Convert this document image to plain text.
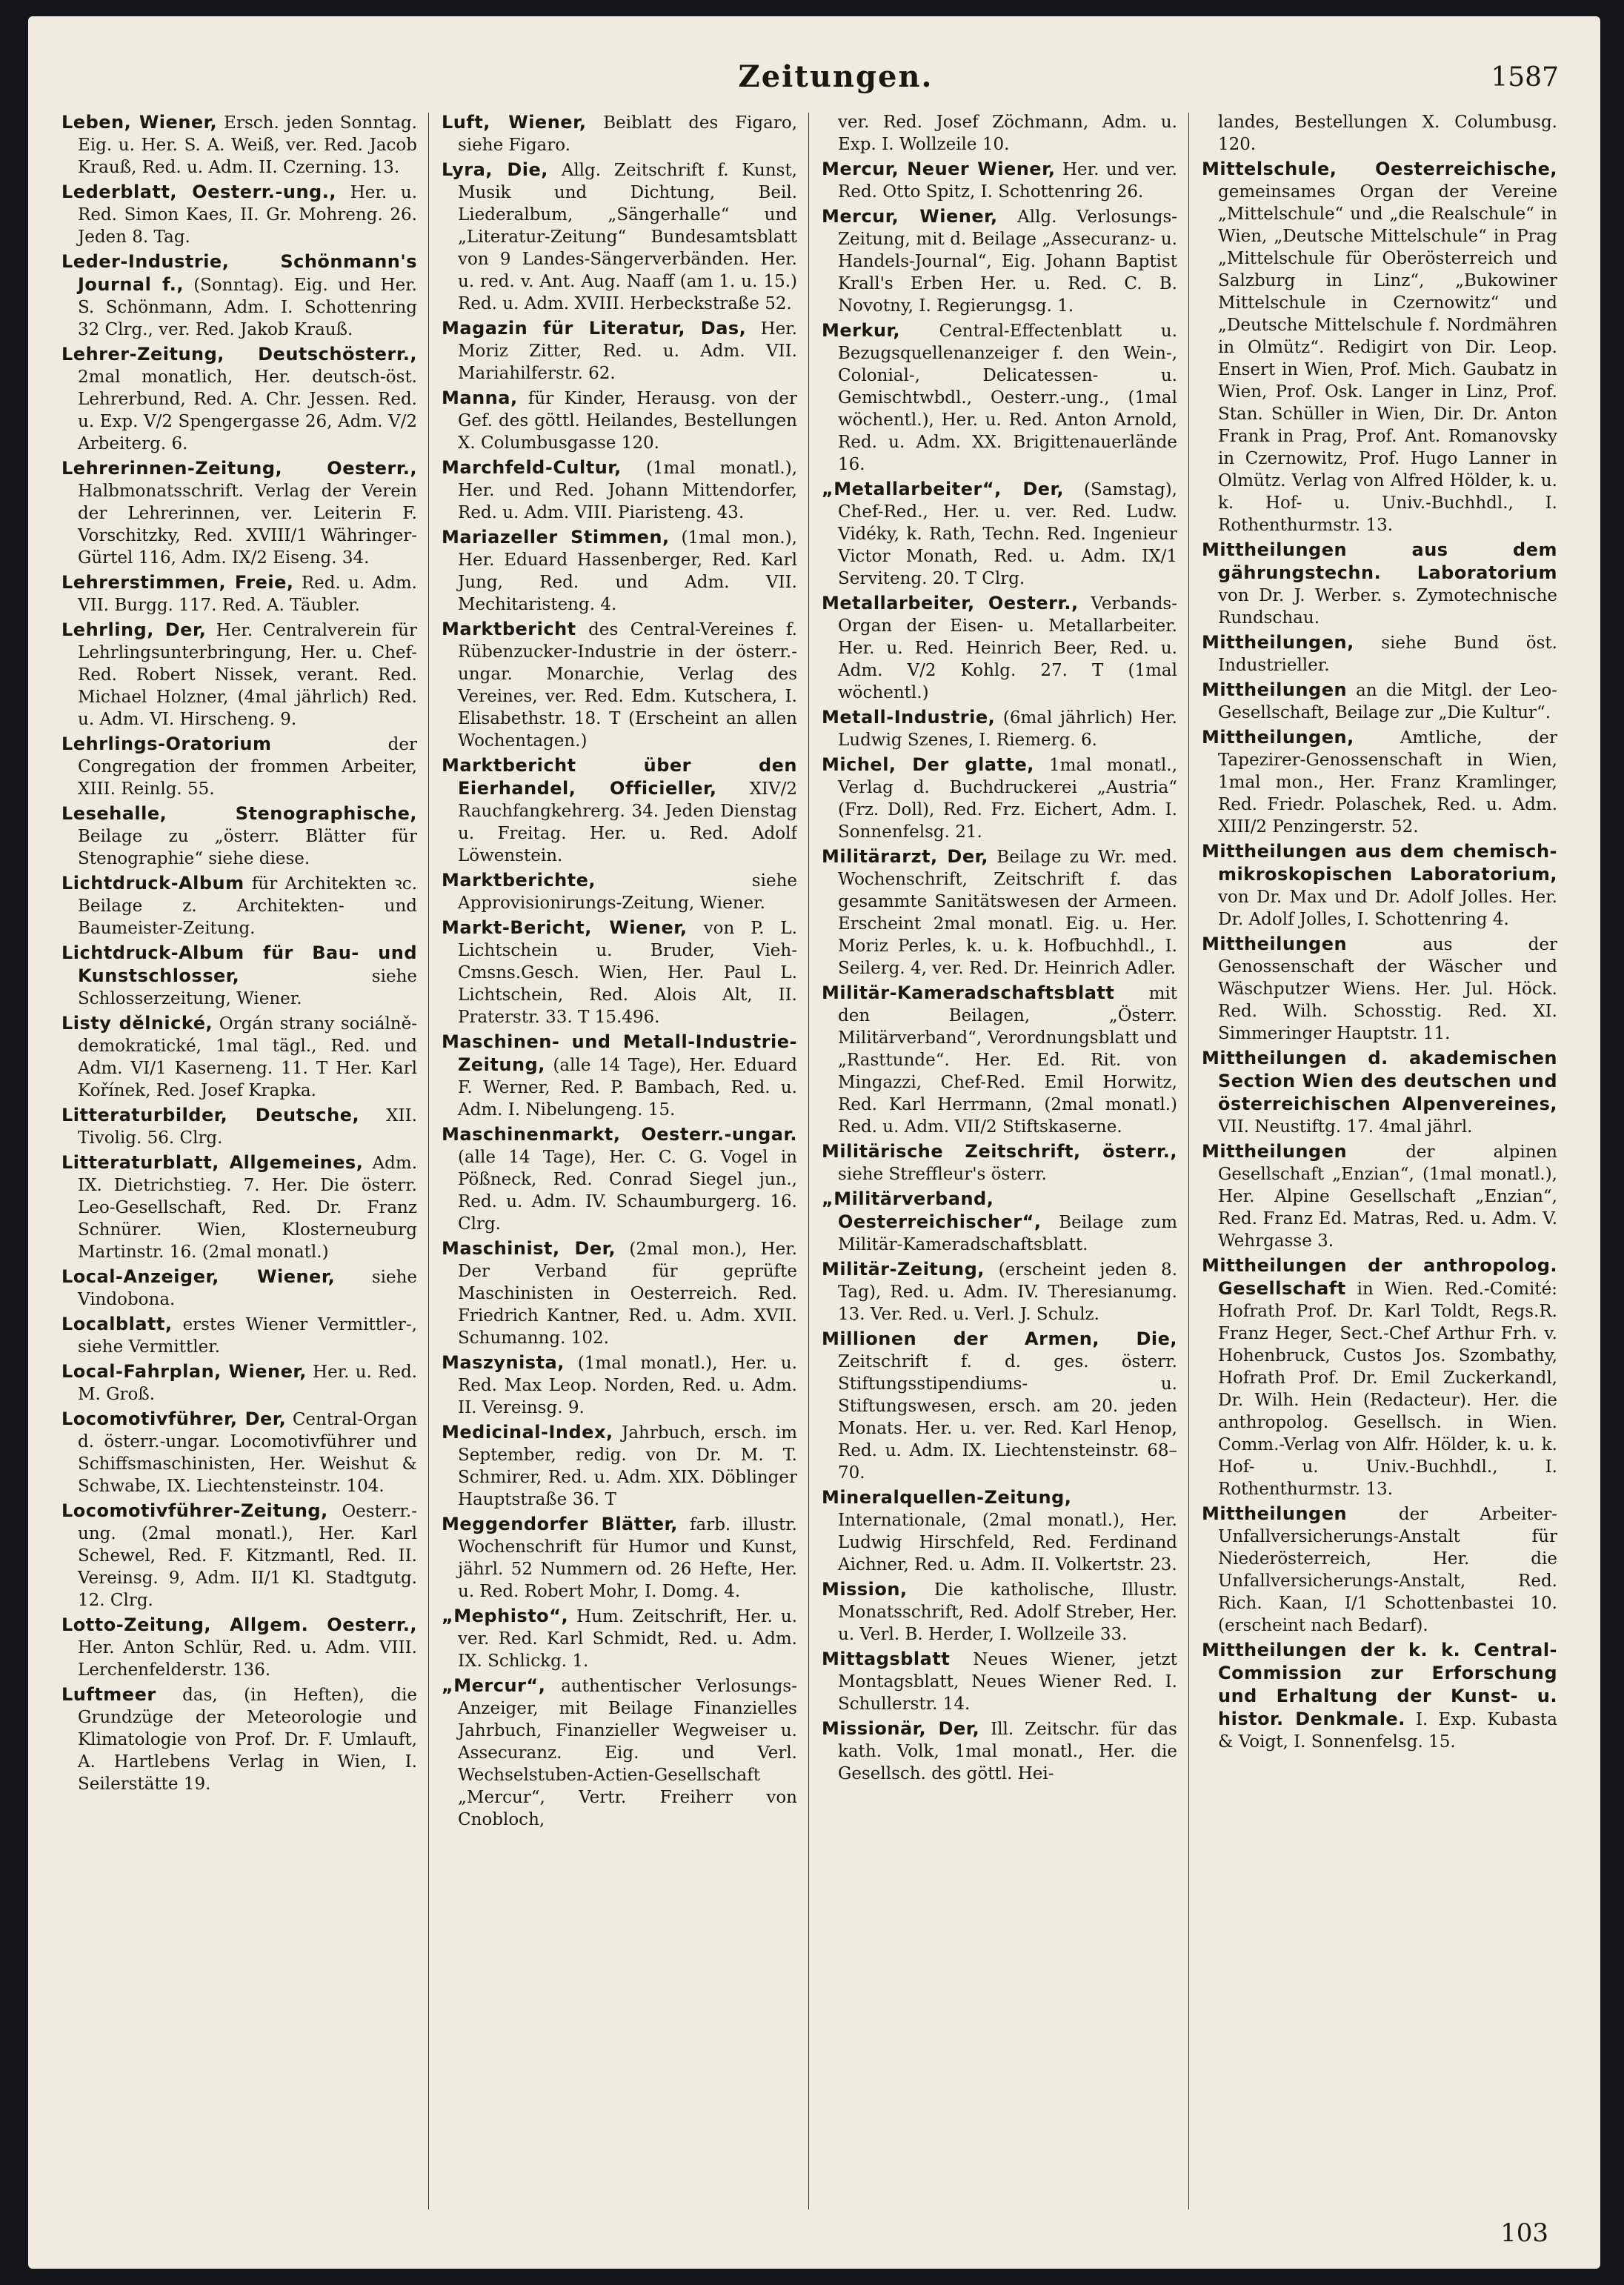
Zeitungen.	1587

Leben, Wiener, Ersch. jeden Sonntag. Eig. u. Her. S. A. Weiß, ver. Red. Jacob Krauß, Red. u. Adm. II. Czerning. 13.

Lederblatt, Oesterr.-ung., Her. u. Red. Simon Kaes, II. Gr. Mohreng. 26. Jeden 8. Tag.

Leder-Industrie, Schönmann's Journal f., (Sonntag). Eig. und Her. S. Schönmann, Adm. I. Schottenring 32 Clrg., ver. Red. Jakob Krauß.

Lehrer-Zeitung, Deutschösterr., 2mal monatlich, Her. deutsch-öst. Lehrerbund, Red. A. Chr. Jessen. Red. u. Exp. V/2 Spengergasse 26, Adm. V/2 Arbeiterg. 6.

Lehrerinnen-Zeitung, Oesterr., Halbmonatsschrift. Verlag der Verein der Lehrerinnen, ver. Leiterin F. Vorschitzky, Red. XVIII/1 Währinger-Gürtel 116, Adm. IX/2 Eiseng. 34.

Lehrerstimmen, Freie, Red. u. Adm. VII. Burgg. 117. Red. A. Täubler.

Lehrling, Der, Her. Centralverein für Lehrlingsunterbringung, Her. u. Chef-Red. Robert Nissek, verant. Red. Michael Holzner, (4mal jährlich) Red. u. Adm. VI. Hirscheng. 9.

Lehrlings-Oratorium	der Congregation der frommen Arbeiter, XIII. Reinlg. 55.

Lesehalle, Stenographische, Beilage zu „österr. Blätter für Stenographie“ siehe diese.

Lichtdruck-Album für Architekten ꝛc. Beilage z. Architekten- und Baumeister-Zeitung.

Lichtdruck-Album für Bau- und Kunstschlosser,	siehe Schlosserzeitung, Wiener.

Listy dělnické, Orgán strany sociálně-demokratické, 1mal tägl., Red. und Adm. VI/1 Kaserneng. 11. T Her. Karl Kořínek, Red. Josef Krapka.

Litteraturbilder, Deutsche, XII. Tivolig. 56. Clrg.

Litteraturblatt, Allgemeines, Adm. IX. Dietrichstieg. 7. Her. Die österr. Leo-Gesellschaft, Red. Dr. Franz Schnürer. Wien, Klosterneuburg Martinstr. 16. (2mal monatl.)

Local-Anzeiger, Wiener, siehe Vindobona.

Localblatt, erstes Wiener Vermittler-, siehe Vermittler.

Local-Fahrplan, Wiener, Her. u. Red. M. Groß.

Locomotivführer, Der, Central-Organ d. österr.-ungar. Locomotivführer und Schiffsmaschinisten, Her. Weishut & Schwabe, IX. Liechtensteinstr. 104.

Locomotivführer-Zeitung, Oesterr.-ung. (2mal monatl.), Her. Karl Schewel, Red. F. Kitzmantl, Red. II. Vereinsg. 9, Adm. II/1 Kl. Stadtgutg. 12. Clrg.

Lotto-Zeitung, Allgem. Oesterr., Her. Anton Schlür, Red. u. Adm. VIII. Lerchenfelderstr. 136.

Luftmeer das, (in Heften), die Grundzüge der Meteorologie und Klimatologie von Prof. Dr. F. Umlauft, A. Hartlebens Verlag in Wien, I. Seilerstätte 19.

Luft, Wiener, Beiblatt des Figaro, siehe Figaro.

Lyra, Die, Allg. Zeitschrift f. Kunst, Musik und Dichtung, Beil. Liederalbum, „Sängerhalle“ und „Literatur-Zeitung“ Bundesamtsblatt von 9 Landes-Sängerverbänden. Her. u. red. v. Ant. Aug. Naaff (am 1. u. 15.) Red. u. Adm. XVIII. Herbeckstraße 52.

Magazin für Literatur, Das, Her. Moriz Zitter, Red. u. Adm. VII. Mariahilferstr. 62.

Manna, für Kinder, Herausg. von der Gef. des göttl. Heilandes, Bestellungen X. Columbusgasse 120.

Marchfeld-Cultur, (1mal monatl.), Her. und Red. Johann Mittendorfer, Red. u. Adm. VIII. Piaristeng. 43.

Mariazeller Stimmen, (1mal mon.), Her. Eduard Hassenberger, Red. Karl Jung, Red. und Adm. VII. Mechitaristeng. 4.

Marktbericht des Central-Vereines f. Rübenzucker-Industrie in der österr.-ungar. Monarchie, Verlag des Vereines, ver. Red. Edm. Kutschera, I. Elisabethstr. 18. T (Erscheint an allen Wochentagen.)

Marktbericht über den Eierhandel, Officieller, XIV/2 Rauchfangkehrerg. 34. Jeden Dienstag u. Freitag. Her. u. Red. Adolf Löwenstein.

Marktberichte,	siehe Approvisionirungs-Zeitung, Wiener.

Markt-Bericht, Wiener, von P. L. Lichtschein u. Bruder, Vieh-Cmsns.Gesch. Wien, Her. Paul L. Lichtschein, Red. Alois Alt, II. Praterstr. 33. T 15.496.

Maschinen- und Metall-Industrie-Zeitung, (alle 14 Tage), Her. Eduard F. Werner, Red. P. Bambach, Red. u. Adm. I. Nibelungeng. 15.

Maschinenmarkt, Oesterr.-ungar. (alle 14 Tage), Her. C. G. Vogel in Pößneck, Red. Conrad Siegel jun., Red. u. Adm. IV. Schaumburgerg. 16. Clrg.

Maschinist, Der, (2mal mon.), Her. Der Verband für geprüfte Maschinisten in Oesterreich. Red. Friedrich Kantner, Red. u. Adm. XVII. Schumanng. 102.

Maszynista, (1mal monatl.), Her. u. Red. Max Leop. Norden, Red. u. Adm. II. Vereinsg. 9.

Medicinal-Index, Jahrbuch, ersch. im September, redig. von Dr. M. T. Schmirer, Red. u. Adm. XIX. Döblinger Hauptstraße 36. T

Meggendorfer Blätter, farb. illustr. Wochenschrift für Humor und Kunst, jährl. 52 Nummern od. 26 Hefte, Her. u. Red. Robert Mohr, I. Domg. 4.

„Mephisto“, Hum. Zeitschrift, Her. u. ver. Red. Karl Schmidt, Red. u. Adm. IX. Schlickg. 1.

„Mercur“, authentischer Verlosungs-Anzeiger, mit Beilage Finanzielles Jahrbuch, Finanzieller Wegweiser u. Assecuranz. Eig. und Verl. Wechselstuben-Actien-Gesellschaft „Mercur“, Vertr. Freiherr von Cnobloch,

ver. Red. Josef Zöchmann, Adm. u. Exp. I. Wollzeile 10.

Mercur, Neuer Wiener, Her. und ver. Red. Otto Spitz, I. Schottenring 26.

Mercur, Wiener, Allg. Verlosungs-Zeitung, mit d. Beilage „Assecuranz- u. Handels-Journal“, Eig. Johann Baptist Krall's Erben Her. u. Red. C. B. Novotny, I. Regierungsg. 1.

Merkur, Central-Effectenblatt u. Bezugsquellenanzeiger f. den Wein-, Colonial-, Delicatessen- u. Gemischtwbdl., Oesterr.-ung., (1mal wöchentl.), Her. u. Red. Anton Arnold, Red. u. Adm. XX. Brigittenauerlände 16.

„Metallarbeiter“, Der, (Samstag), Chef-Red., Her. u. ver. Red. Ludw. Vidéky, k. Rath, Techn. Red. Ingenieur Victor Monath, Red. u. Adm. IX/1 Serviteng. 20. T Clrg.

Metallarbeiter, Oesterr., Verbands-Organ der Eisen- u. Metallarbeiter. Her. u. Red. Heinrich Beer, Red. u. Adm. V/2 Kohlg. 27. T (1mal wöchentl.)

Metall-Industrie, (6mal jährlich) Her. Ludwig Szenes, I. Riemerg. 6.

Michel, Der glatte, 1mal monatl., Verlag d. Buchdruckerei „Austria“ (Frz. Doll), Red. Frz. Eichert, Adm. I. Sonnenfelsg. 21.

Militärarzt, Der, Beilage zu Wr. med. Wochenschrift, Zeitschrift f. das gesammte Sanitätswesen der Armeen. Erscheint 2mal monatl. Eig. u. Her. Moriz Perles, k. u. k. Hofbuchhdl., I. Seilerg. 4, ver. Red. Dr. Heinrich Adler.

Militär-Kameradschaftsblatt mit den Beilagen, „Österr. Militärverband“, Verordnungsblatt und „Rasttunde“. Her. Ed. Rit. von Mingazzi, Chef-Red. Emil Horwitz, Red. Karl Herrmann, (2mal monatl.) Red. u. Adm. VII/2 Stiftskaserne.

Militärische Zeitschrift, österr., siehe Streffleur's österr.

„Militärverband, Oesterreichischer“, Beilage zum Militär-Kameradschaftsblatt.

Militär-Zeitung, (erscheint jeden 8. Tag), Red. u. Adm. IV. Theresianumg. 13. Ver. Red. u. Verl. J. Schulz.

Millionen der Armen, Die, Zeitschrift f. d. ges. österr. Stiftungsstipendiums- u. Stiftungswesen, ersch. am 20. jeden Monats. Her. u. ver. Red. Karl Henop, Red. u. Adm. IX. Liechtensteinstr. 68–70.

Mineralquellen-Zeitung, Internationale, (2mal monatl.), Her. Ludwig Hirschfeld, Red. Ferdinand Aichner, Red. u. Adm. II. Volkertstr. 23.

Mission, Die katholische, Illustr. Monatsschrift, Red. Adolf Streber, Her. u. Verl. B. Herder, I. Wollzeile 33.

Mittagsblatt Neues Wiener, jetzt Montagsblatt, Neues Wiener Red. I. Schullerstr. 14.

Missionär, Der, Ill. Zeitschr. für das kath. Volk, 1mal monatl., Her. die Gesellsch. des göttl. Hei-

landes, Bestellungen X. Columbusg. 120.

Mittelschule, Oesterreichische, gemeinsames Organ der Vereine „Mittelschule“ und „die Realschule“ in Wien, „Deutsche Mittelschule“ in Prag „Mittelschule für Oberösterreich und Salzburg in Linz“, „Bukowiner Mittelschule in Czernowitz“ und „Deutsche Mittelschule f. Nordmähren in Olmütz“. Redigirt von Dir. Leop. Ensert in Wien, Prof. Mich. Gaubatz in Wien, Prof. Osk. Langer in Linz, Prof. Stan. Schüller in Wien, Dir. Dr. Anton Frank in Prag, Prof. Ant. Romanovsky in Czernowitz, Prof. Hugo Lanner in Olmütz. Verlag von Alfred Hölder, k. u. k. Hof- u. Univ.-Buchhdl., I. Rothenthurmstr. 13.

Mittheilungen aus dem gährungstechn. Laboratorium von Dr. J. Werber. s. Zymotechnische Rundschau.

Mittheilungen, siehe Bund öst. Industrieller.

Mittheilungen an die Mitgl. der Leo-Gesellschaft, Beilage zur „Die Kultur“.

Mittheilungen,	Amtliche, der Tapezirer-Genossenschaft in Wien, 1mal mon., Her. Franz Kramlinger, Red. Friedr. Polaschek, Red. u. Adm. XIII/2 Penzingerstr. 52.

Mittheilungen aus dem chemisch-mikroskopischen Laboratorium, von Dr. Max und Dr. Adolf Jolles. Her. Dr. Adolf Jolles, I. Schottenring 4.

Mittheilungen	aus der Genossenschaft der Wäscher und Wäschputzer Wiens. Her. Jul. Höck. Red. Wilh. Schosstig. Red. XI. Simmeringer Hauptstr. 11.

Mittheilungen d. akademischen Section Wien des deutschen und österreichischen Alpenvereines, VII. Neustiftg. 17. 4mal jährl.

Mittheilungen	der alpinen Gesellschaft „Enzian“, (1mal monatl.), Her. Alpine Gesellschaft „Enzian“, Red. Franz Ed. Matras, Red. u. Adm. V. Wehrgasse 3.

Mittheilungen der anthropolog. Gesellschaft in Wien. Red.-Comité: Hofrath Prof. Dr. Karl Toldt, Regs.R. Franz Heger, Sect.-Chef Arthur Frh. v. Hohenbruck, Custos Jos. Szombathy, Hofrath Prof. Dr. Emil Zuckerkandl, Dr. Wilh. Hein (Redacteur). Her. die anthropolog. Gesellsch. in Wien. Comm.-Verlag von Alfr. Hölder, k. u. k. Hof- u. Univ.-Buchhdl., I. Rothenthurmstr. 13.

Mittheilungen	der Arbeiter-Unfallversicherungs-Anstalt für Niederösterreich, Her. die Unfallversicherungs-Anstalt, Red. Rich. Kaan, I/1 Schottenbastei 10. (erscheint nach Bedarf).

Mittheilungen der k. k. Central-Commission zur Erforschung und Erhaltung der Kunst- u. histor. Denkmale. I. Exp. Kubasta & Voigt, I. Sonnenfelsg. 15.

103
